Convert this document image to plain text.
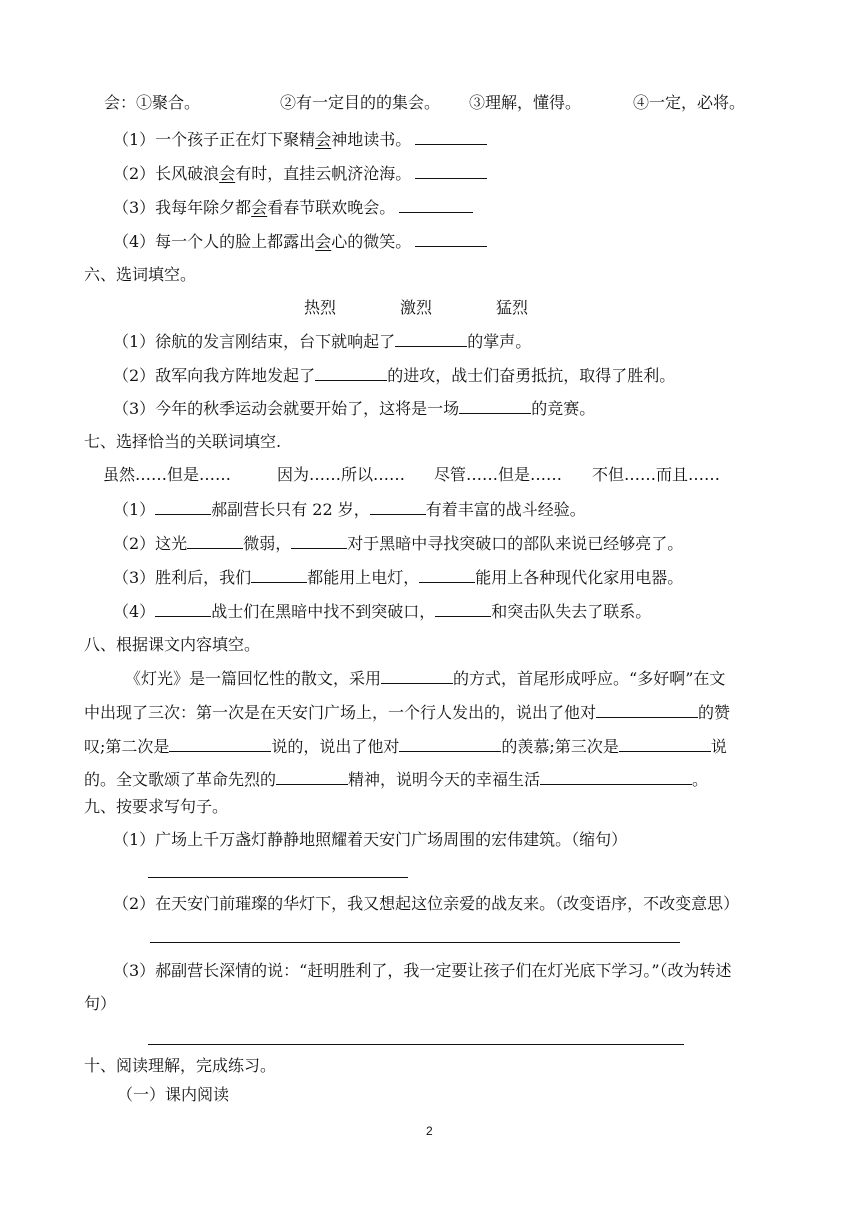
会：①聚合。	②有一定目的的集会。 ③理解，懂得。	④一定，必将。
（1）一个孩子正在灯下聚精会神地读书。
（2）长风破浪会有时，直挂云帆济沧海。
（3）我每年除夕都会看春节联欢晚会。
（4）每一个人的脸上都露出会心的微笑。
六、选词填空。
热烈	激烈	猛烈
（1）徐航的发言刚结束，台下就响起了	的掌声。
（2）敌军向我方阵地发起了	的进攻，战士们奋勇抵抗，取得了胜利。
（3）今年的秋季运动会就要开始了，这将是一场	的竞赛。
七、选择恰当的关联词填空.
虽然……但是……	因为……所以…… 尽管……但是…… 不但……而且……
（1）	郝副营长只有 22 岁，	有着丰富的战斗经验。
（2）这光	微弱，	对于黑暗中寻找突破口的部队来说已经够亮了。
（3）胜利后，我们	都能用上电灯，	能用上各种现代化家用电器。
（4）	战士们在黑暗中找不到突破口，	和突击队失去了联系。
八、根据课文内容填空。
《灯光》是一篇回忆性的散文，采用	的方式，首尾形成呼应。“多好啊”在文
中出现了三次：第一次是在天安门广场上，一个行人发出的，说出了他对	的赞
叹;第二次是	说的，说出了他对	的羡慕;第三次是	说
的。全文歌颂了革命先烈的	精神，说明今天的幸福生活	。
九、按要求写句子。
（1）广场上千万盏灯静静地照耀着天安门广场周围的宏伟建筑。（缩句）
（2）在天安门前璀璨的华灯下，我又想起这位亲爱的战友来。（改变语序，不改变意思）
（3）郝副营长深情的说：“赶明胜利了，我一定要让孩子们在灯光底下学习。”（改为转述
句）
十、阅读理解，完成练习。
（一）课内阅读
2
